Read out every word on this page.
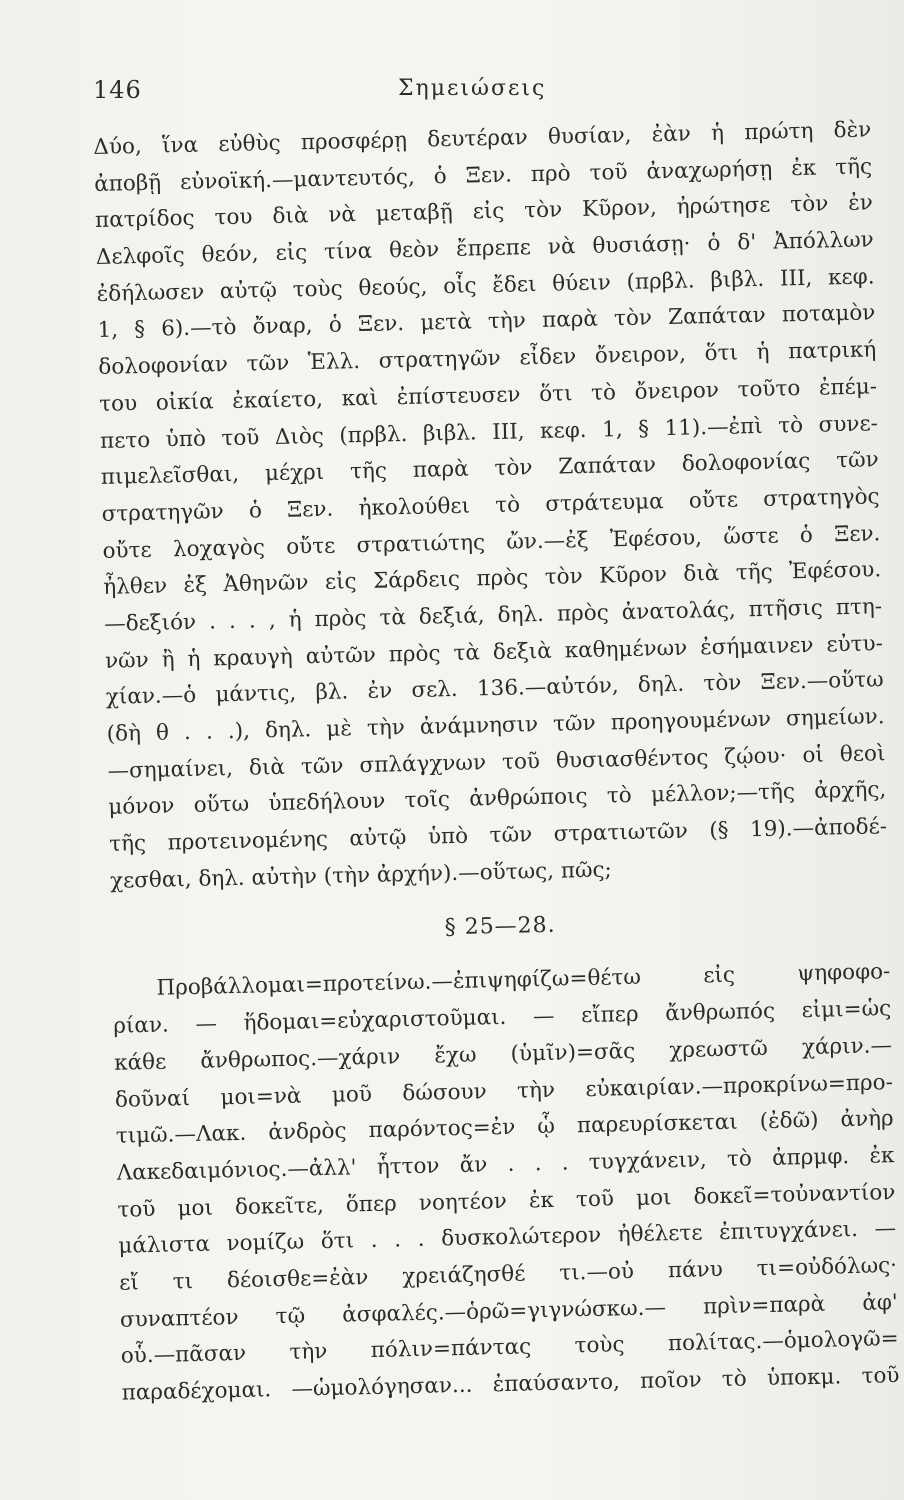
146	Σημειώσεις
Δύο, ἵνα εὐθὺς προσφέρῃ δευτέραν θυσίαν, ἐὰν ἡ πρώτη δὲν
ἀποβῇ εὐνοϊκή.—μαντευτός, ὁ Ξεν. πρὸ τοῦ ἀναχωρήσῃ ἐκ τῆς
πατρίδος του διὰ νὰ μεταβῇ εἰς τὸν Κῦρον, ἠρώτησε τὸν ἐν
Δελφοῖς θεόν, εἰς τίνα θεὸν ἔπρεπε νὰ θυσιάσῃ· ὁ δ' Ἀπόλλων
ἐδήλωσεν αὐτῷ τοὺς θεούς, οἷς ἔδει θύειν (πρβλ. βιβλ. ΙΙΙ, κεφ.
1, § 6).—τὸ ὄναρ, ὁ Ξεν. μετὰ τὴν παρὰ τὸν Ζαπάταν ποταμὸν
δολοφονίαν τῶν Ἑλλ. στρατηγῶν εἶδεν ὄνειρον, ὅτι ἡ πατρική
του οἰκία ἐκαίετο, καὶ ἐπίστευσεν ὅτι τὸ ὄνειρον τοῦτο ἐπέμ-
πετο ὑπὸ τοῦ Διὸς (πρβλ. βιβλ. ΙΙΙ, κεφ. 1, § 11).—ἐπὶ τὸ συνε-
πιμελεῖσθαι, μέχρι τῆς παρὰ τὸν Ζαπάταν δολοφονίας τῶν
στρατηγῶν ὁ Ξεν. ἠκολούθει τὸ στράτευμα οὔτε στρατηγὸς
οὔτε λοχαγὸς οὔτε στρατιώτης ὤν.—ἐξ Ἐφέσου, ὥστε ὁ Ξεν.
ἦλθεν ἐξ Ἀθηνῶν εἰς Σάρδεις πρὸς τὸν Κῦρον διὰ τῆς Ἐφέσου.
—δεξιόν . . . , ἡ πρὸς τὰ δεξιά, δηλ. πρὸς ἀνατολάς, πτῆσις πτη-
νῶν ἢ ἡ κραυγὴ αὐτῶν πρὸς τὰ δεξιὰ καθημένων ἐσήμαινεν εὐτυ-
χίαν.—ὁ μάντις, βλ. ἐν σελ. 136.—αὐτόν, δηλ. τὸν Ξεν.—οὕτω
(δὴ θ . . .), δηλ. μὲ τὴν ἀνάμνησιν τῶν προηγουμένων σημείων.
—σημαίνει, διὰ τῶν σπλάγχνων τοῦ θυσιασθέντος ζῴου· οἱ θεοὶ
μόνον οὕτω ὑπεδήλουν τοῖς ἀνθρώποις τὸ μέλλον;—τῆς ἀρχῆς,
τῆς προτεινομένης αὐτῷ ὑπὸ τῶν στρατιωτῶν (§ 19).—ἀποδέ-
χεσθαι, δηλ. αὐτὴν (τὴν ἀρχήν).—οὕτως, πῶς;
§ 25—28.
Προβάλλομαι=προτείνω.—ἐπιψηφίζω=θέτω εἰς ψηφοφο-
ρίαν. — ἥδομαι=εὐχαριστοῦμαι. — εἴπερ ἄνθρωπός εἰμι=ὡς
κάθε ἄνθρωπος.—χάριν ἔχω (ὑμῖν)=σᾶς χρεωστῶ χάριν.—
δοῦναί μοι=νὰ μοῦ δώσουν τὴν εὐκαιρίαν.—προκρίνω=προ-
τιμῶ.—Λακ. ἀνδρὸς παρόντος=ἐν ᾧ παρευρίσκεται (ἐδῶ) ἀνὴρ
Λακεδαιμόνιος.—ἀλλ' ἧττον ἄν . . . τυγχάνειν, τὸ ἀπρμφ. ἐκ
τοῦ μοι δοκεῖτε, ὅπερ νοητέον ἐκ τοῦ μοι δοκεῖ=τοὐναντίον
μάλιστα νομίζω ὅτι . . . δυσκολώτερον ἠθέλετε ἐπιτυγχάνει. —
εἴ τι δέοισθε=ἐὰν χρειάζησθέ τι.—οὐ πάνυ τι=οὐδόλως·
συναπτέον τῷ ἀσφαλές.—ὁρῶ=γιγνώσκω.— πρὶν=παρὰ ἀφ'
οὗ.—πᾶσαν τὴν πόλιν=πάντας τοὺς πολίτας.—ὁμολογῶ=
παραδέχομαι. —ὡμολόγησαν... ἐπαύσαντο, ποῖον τὸ ὑποκμ. τοῦ
